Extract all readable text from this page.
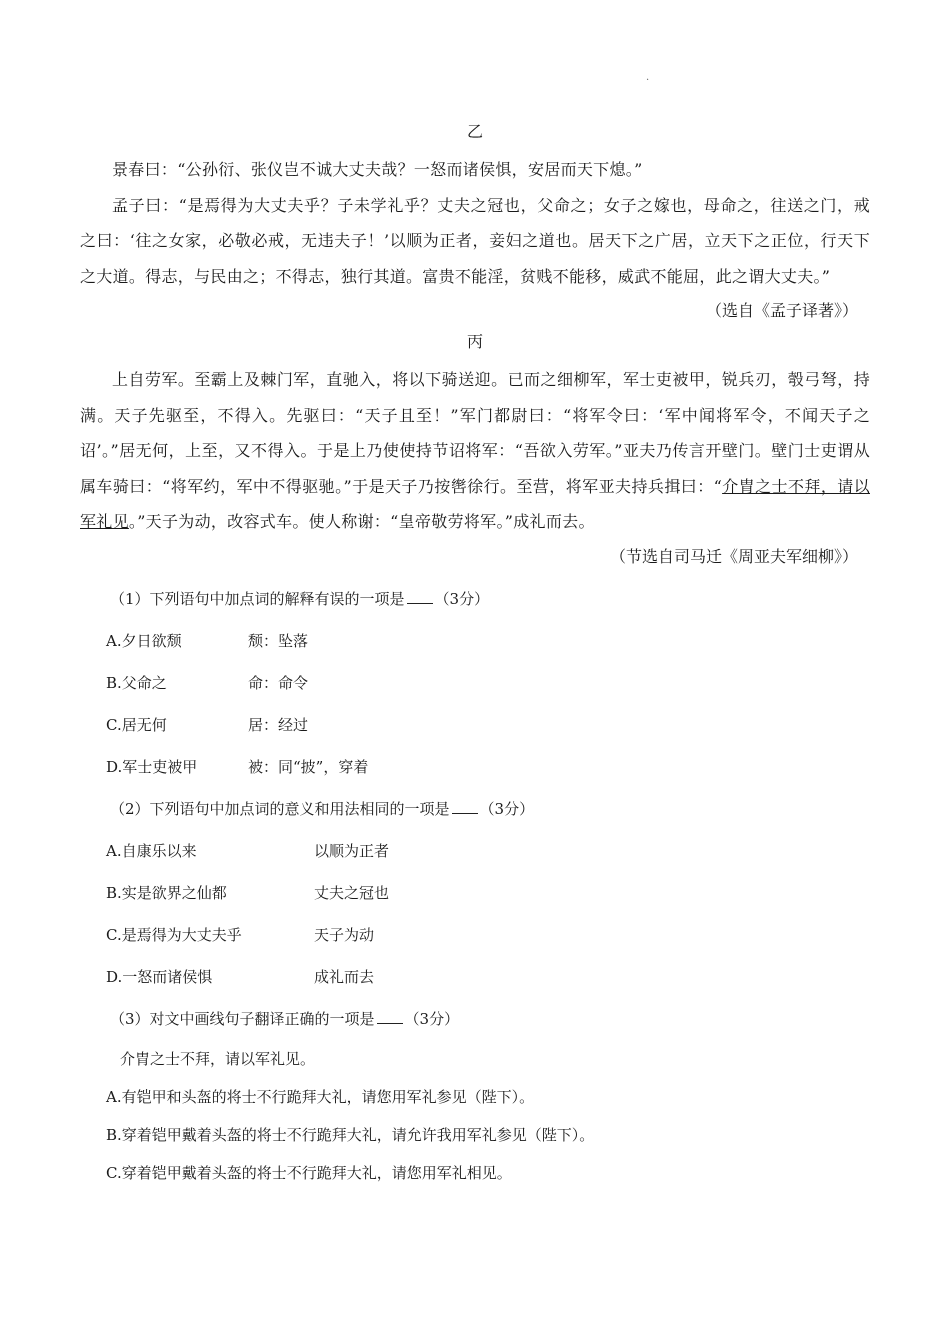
.
乙

景春曰：“公孙衍、张仪岂不诚大丈夫哉？一怒而诸侯惧，安居而天下熄。”

孟子曰：“是焉得为大丈夫乎？子未学礼乎？丈夫之冠也，父命之；女子之嫁也，母命之，往送之门，戒之曰：‘往之女家，必敬必戒，无违夫子！’以顺为正者，妾妇之道也。居天下之广居，立天下之正位，行天下之大道。得志，与民由之；不得志，独行其道。富贵不能淫，贫贱不能移，威武不能屈，此之谓大丈夫。”

（选自《孟子译著》）
丙

上自劳军。至霸上及棘门军，直驰入，将以下骑送迎。已而之细柳军，军士吏被甲，锐兵刃，彀弓弩，持满。天子先驱至，不得入。先驱曰：“天子且至！”军门都尉曰：“将军令曰：‘军中闻将军令，不闻天子之诏’。”居无何，上至，又不得入。于是上乃使使持节诏将军：“吾欲入劳军。”亚夫乃传言开壁门。壁门士吏谓从属车骑曰：“将军约，军中不得驱驰。”于是天子乃按辔徐行。至营，将军亚夫持兵揖曰：“介胄之士不拜，请以军礼见。”天子为动，改容式车。使人称谢：“皇帝敬劳将军。”成礼而去。

（节选自司马迁《周亚夫军细柳》）

（1）下列语句中加点词的解释有误的一项是 （3分）

A.夕日欲颓	颓：坠落
B.父命之	命：命令
C.居无何	居：经过
D.军士吏被甲	被：同“披”，穿着

（2）下列语句中加点词的意义和用法相同的一项是 （3分）

A.自康乐以来	以顺为正者
B.实是欲界之仙都	丈夫之冠也
C.是焉得为大丈夫乎	天子为动
D.一怒而诸侯惧	成礼而去

（3）对文中画线句子翻译正确的一项是 （3分）

介胄之士不拜，请以军礼见。

A.有铠甲和头盔的将士不行跪拜大礼，请您用军礼参见（陛下）。

B.穿着铠甲戴着头盔的将士不行跪拜大礼，请允许我用军礼参见（陛下）。

C.穿着铠甲戴着头盔的将士不行跪拜大礼，请您用军礼相见。
